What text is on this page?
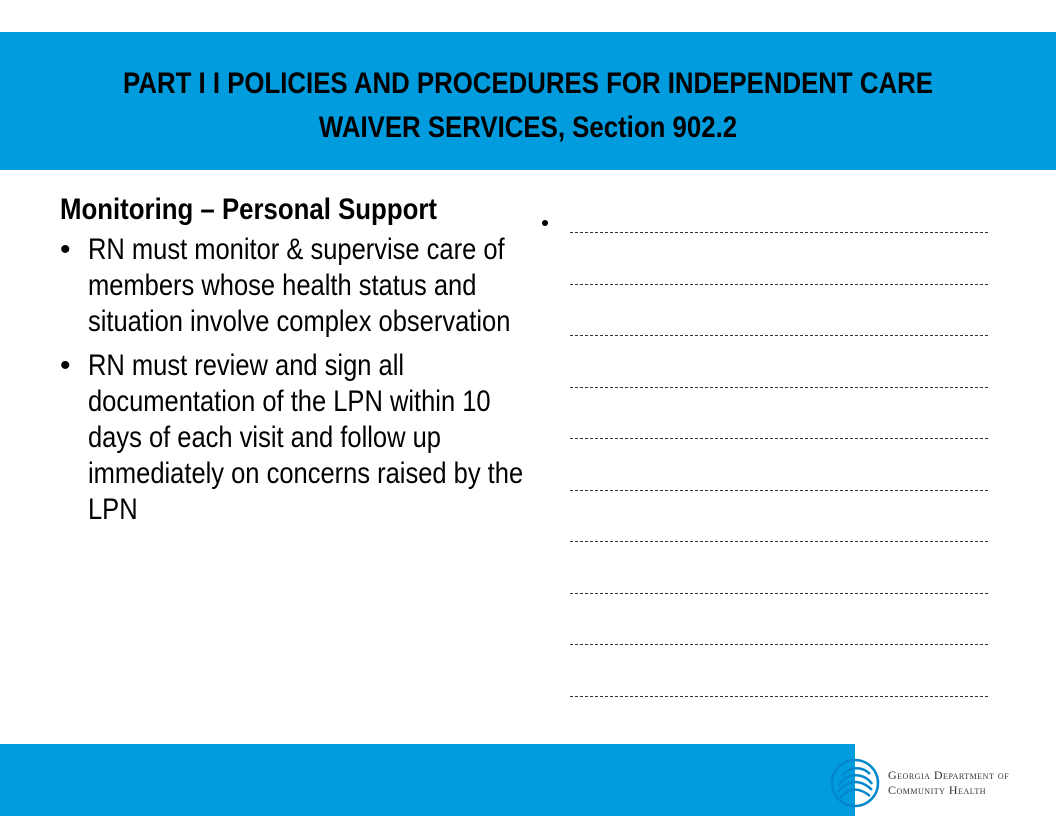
PART I I POLICIES AND PROCEDURES FOR INDEPENDENT CARE WAIVER SERVICES, Section 902.2
Monitoring – Personal Support
• RN must monitor & supervise care of members whose health status and situation involve complex observation
• RN must review and sign all documentation of the LPN within 10 days of each visit and follow up immediately on concerns raised by the LPN
Georgia Department of
Community Health
